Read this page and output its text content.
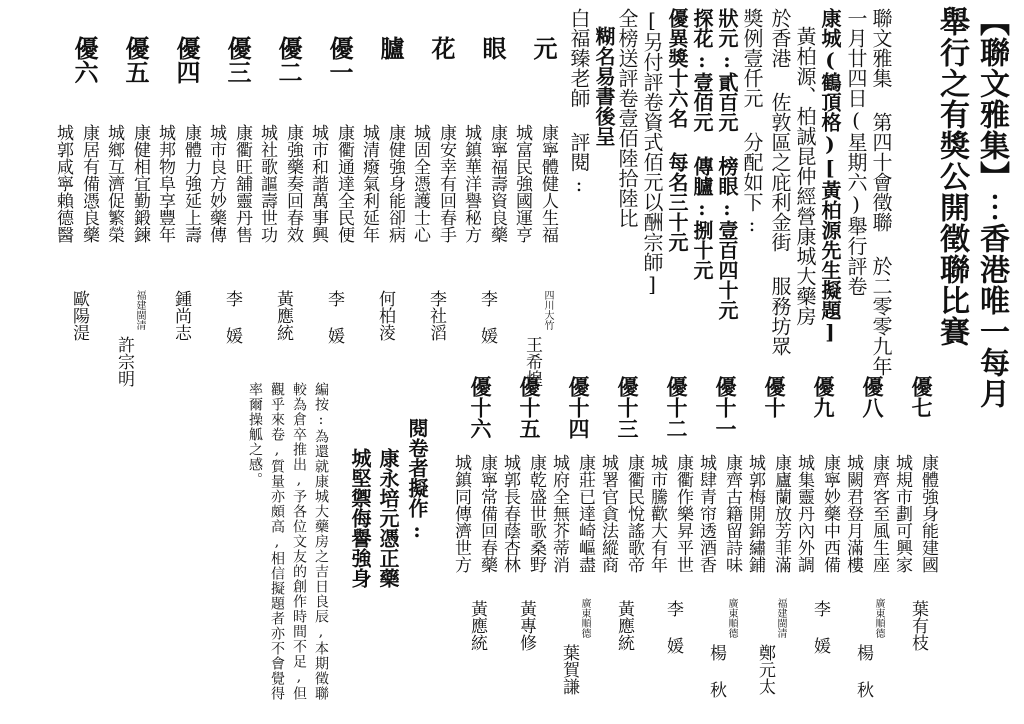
【聯文雅集】︙香港唯一每月
舉行之有獎公開徵聯比賽
聯文雅集 第四十會徵聯 於二零零九年
一月廿四日(星期六)舉行評卷
康城(鶴頂格)[黃柏源先生擬題]
黃柏源、柏誠昆仲經營康城大藥房
於香港 佐敦區之庇利金街 服務坊眾
獎例壹仟元 分配如下:
狀元:貳百元 榜眼:壹百四十元
探花:壹佰元 傳臚:捌十元
優異獎十六名 每名三十元
[另付評卷資式佰元以酬宗師]
全榜送評卷壹佰陸拾陸比
糊名易書後呈
白福臻老師 評閱:
元
康寧體健人生福
城富民強國運亨
四川大竹
王希煌
眼
康寧福壽資良藥
城鎮華洋譽秘方
李 媛
花
康安幸有回春手
城固全憑護士心
李社滔
臚
康健強身能卻病
城清癈氣利延年
何柏淩
優一
康衢通達全民便
城市和諧萬事興
李 媛
優二
康強藥奏回春效
城社歌謳壽世功
黃應統
優三
康衢旺舖靈丹售
城市良方妙藥傳
李 媛
優四
康體力強延上壽
城邦物阜享豐年
鍾尚志
優五
康健相宜勤鍛鍊
城鄉互濟促繁榮
福建閩清
許宗明
優六
康居有備憑良藥
城郭咸寧賴德醫
歐陽湜
優七
康體強身能建國
城規市劃可興家
葉有枝
優八
康齊客至風生座
城闕君登月滿樓
廣東順德
楊 秋
優九
康寧妙藥中西備
城集靈丹內外調
李 媛
優十
康廬蘭放芳菲滿
城郭梅開錦繡鋪
福建閩清
鄭元太
優十一
康齊古籍留詩味
城肆青帘透酒香
廣東順德
楊 秋
優十二
康衢作樂昇平世
城市騰歡大有年
李 媛
優十三
康衢民悅謠歌帝
城署官貪法縱商
黃應統
優十四
康莊已達崎嶇盡
城府全無芥蒂消
廣東順德
葉賀謙
優十五
康乾盛世歌桑野
城郭長春蔭杏林
黃專修
優十六
康寧常備回春藥
城鎮同傳濟世方
黃應統
閱卷者擬作:
康永培元憑正藥
城堅禦侮譽強身
編按:為還就康城大藥房之吉日良辰,本期徵聯
較為倉卒推出,予各位文友的創作時間不足,但
觀乎來卷,質量亦頗高,相信擬題者亦不會覺得
率爾操觚之感。
